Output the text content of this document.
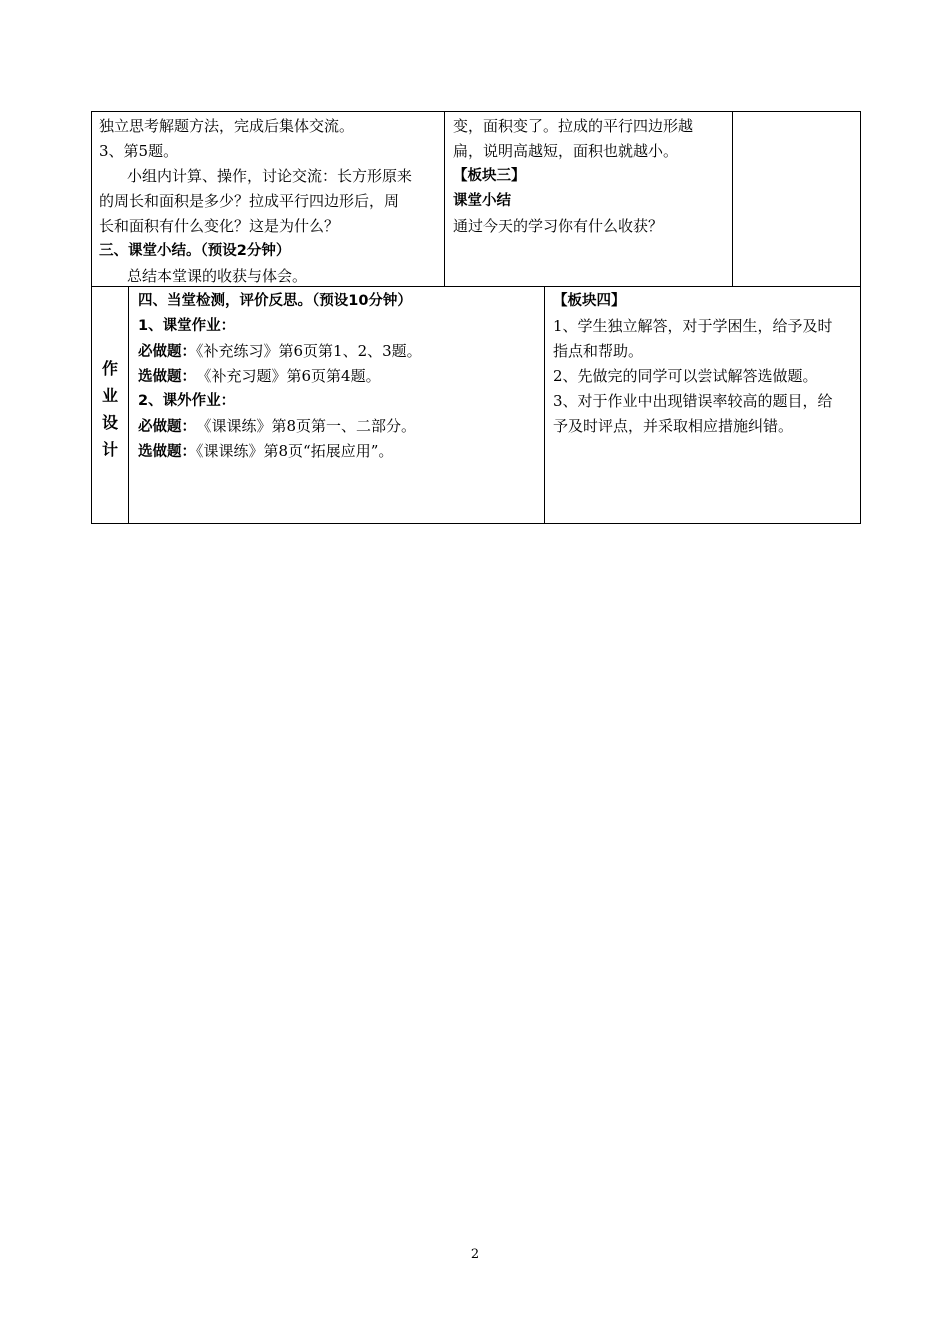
独立思考解题方法，完成后集体交流。
3、第5题。
小组内计算、操作，讨论交流：长方形原来
的周长和面积是多少？拉成平行四边形后，周
长和面积有什么变化？这是为什么？
三、课堂小结。（预设2分钟）
总结本堂课的收获与体会。
变，面积变了。拉成的平行四边形越
扁，说明高越短，面积也就越小。
【板块三】
课堂小结
通过今天的学习你有什么收获？
作
业
设
计
四、当堂检测，评价反思。（预设10分钟）
1、课堂作业：
必做题：《补充练习》第6页第1、2、3题。
选做题： 《补充习题》第6页第4题。
2、课外作业：
必做题： 《课课练》第8页第一、二部分。
选做题：《课课练》第8页“拓展应用”。
【板块四】
1、学生独立解答，对于学困生，给予及时
指点和帮助。
2、先做完的同学可以尝试解答选做题。
3、对于作业中出现错误率较高的题目，给
予及时评点，并采取相应措施纠错。
2
